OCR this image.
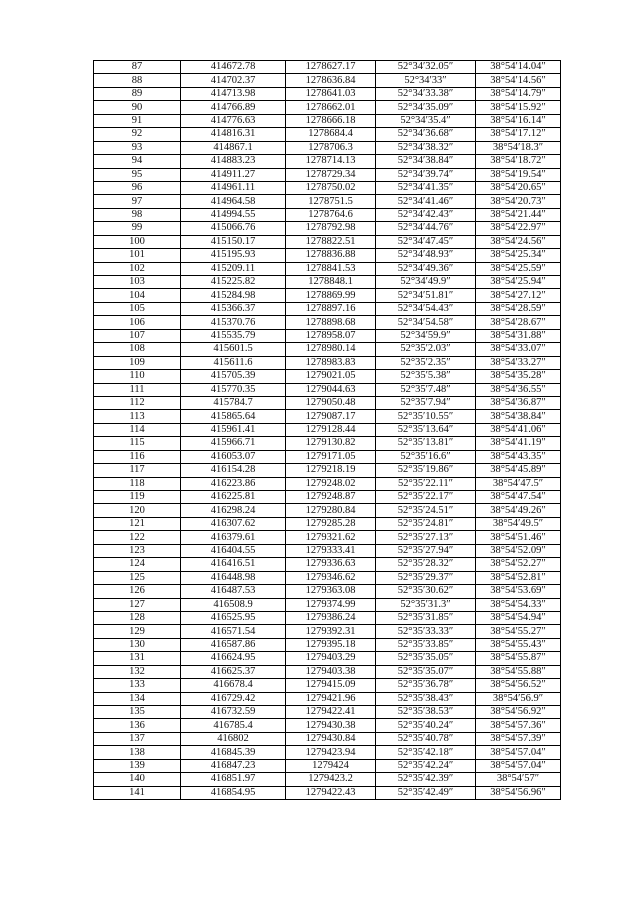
87	414672.78	1278627.17	52°34′32.05″	38°54′14.04″
88	414702.37	1278636.84	52°34′33″	38°54′14.56″
89	414713.98	1278641.03	52°34′33.38″	38°54′14.79″
90	414766.89	1278662.01	52°34′35.09″	38°54′15.92″
91	414776.63	1278666.18	52°34′35.4″	38°54′16.14″
92	414816.31	1278684.4	52°34′36.68″	38°54′17.12″
93	414867.1	1278706.3	52°34′38.32″	38°54′18.3″
94	414883.23	1278714.13	52°34′38.84″	38°54′18.72″
95	414911.27	1278729.34	52°34′39.74″	38°54′19.54″
96	414961.11	1278750.02	52°34′41.35″	38°54′20.65″
97	414964.58	1278751.5	52°34′41.46″	38°54′20.73″
98	414994.55	1278764.6	52°34′42.43″	38°54′21.44″
99	415066.76	1278792.98	52°34′44.76″	38°54′22.97″
100	415150.17	1278822.51	52°34′47.45″	38°54′24.56″
101	415195.93	1278836.88	52°34′48.93″	38°54′25.34″
102	415209.11	1278841.53	52°34′49.36″	38°54′25.59″
103	415225.82	1278848.1	52°34′49.9″	38°54′25.94″
104	415284.98	1278869.99	52°34′51.81″	38°54′27.12″
105	415366.37	1278897.16	52°34′54.43″	38°54′28.59″
106	415370.76	1278898.68	52°34′54.58″	38°54′28.67″
107	415535.79	1278958.07	52°34′59.9″	38°54′31.88″
108	415601.5	1278980.14	52°35′2.03″	38°54′33.07″
109	415611.6	1278983.83	52°35′2.35″	38°54′33.27″
110	415705.39	1279021.05	52°35′5.38″	38°54′35.28″
111	415770.35	1279044.63	52°35′7.48″	38°54′36.55″
112	415784.7	1279050.48	52°35′7.94″	38°54′36.87″
113	415865.64	1279087.17	52°35′10.55″	38°54′38.84″
114	415961.41	1279128.44	52°35′13.64″	38°54′41.06″
115	415966.71	1279130.82	52°35′13.81″	38°54′41.19″
116	416053.07	1279171.05	52°35′16.6″	38°54′43.35″
117	416154.28	1279218.19	52°35′19.86″	38°54′45.89″
118	416223.86	1279248.02	52°35′22.11″	38°54′47.5″
119	416225.81	1279248.87	52°35′22.17″	38°54′47.54″
120	416298.24	1279280.84	52°35′24.51″	38°54′49.26″
121	416307.62	1279285.28	52°35′24.81″	38°54′49.5″
122	416379.61	1279321.62	52°35′27.13″	38°54′51.46″
123	416404.55	1279333.41	52°35′27.94″	38°54′52.09″
124	416416.51	1279336.63	52°35′28.32″	38°54′52.27″
125	416448.98	1279346.62	52°35′29.37″	38°54′52.81″
126	416487.53	1279363.08	52°35′30.62″	38°54′53.69″
127	416508.9	1279374.99	52°35′31.3″	38°54′54.33″
128	416525.95	1279386.24	52°35′31.85″	38°54′54.94″
129	416571.54	1279392.31	52°35′33.33″	38°54′55.27″
130	416587.86	1279395.18	52°35′33.85″	38°54′55.43″
131	416624.95	1279403.29	52°35′35.05″	38°54′55.87″
132	416625.37	1279403.38	52°35′35.07″	38°54′55.88″
133	416678.4	1279415.09	52°35′36.78″	38°54′56.52″
134	416729.42	1279421.96	52°35′38.43″	38°54′56.9″
135	416732.59	1279422.41	52°35′38.53″	38°54′56.92″
136	416785.4	1279430.38	52°35′40.24″	38°54′57.36″
137	416802	1279430.84	52°35′40.78″	38°54′57.39″
138	416845.39	1279423.94	52°35′42.18″	38°54′57.04″
139	416847.23	1279424	52°35′42.24″	38°54′57.04″
140	416851.97	1279423.2	52°35′42.39″	38°54′57″
141	416854.95	1279422.43	52°35′42.49″	38°54′56.96″
